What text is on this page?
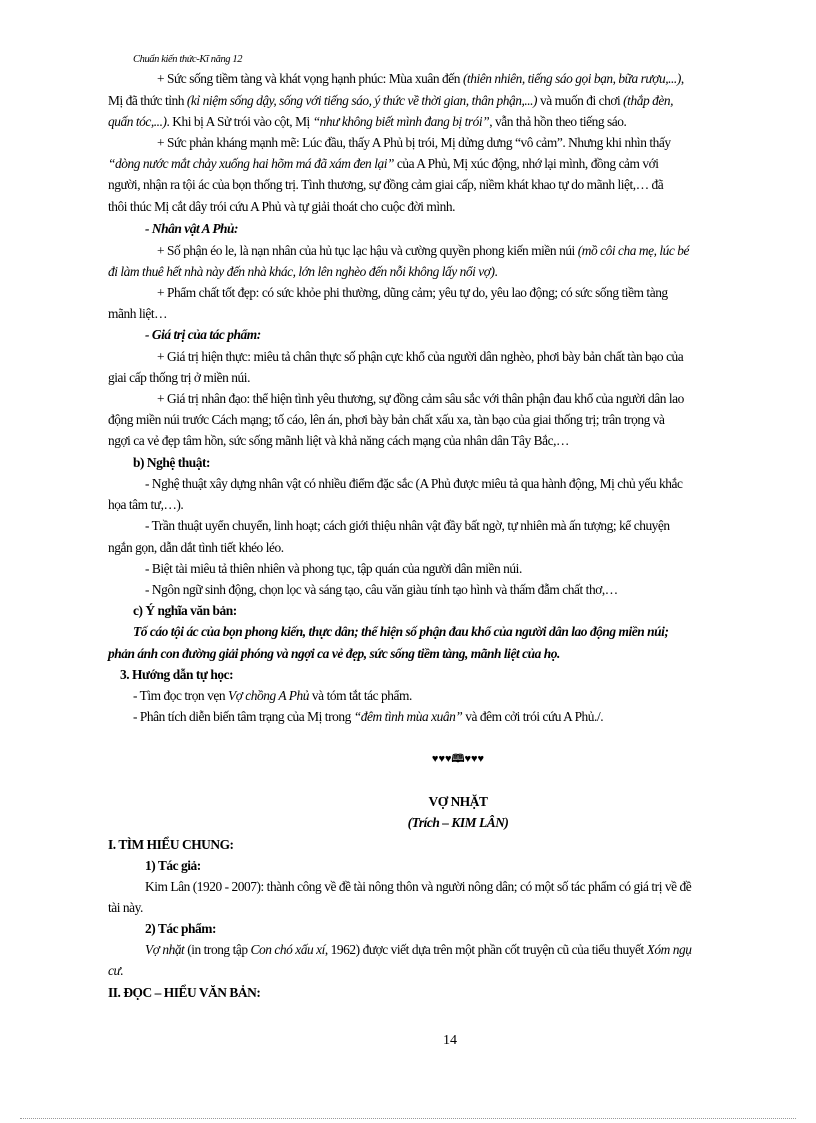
Chuẩn kiến thức-Kĩ năng 12
+ Sức sống tiềm tàng và khát vọng hạnh phúc: Mùa xuân đến (thiên nhiên, tiếng sáo gọi bạn, bữa rượu,...),
Mị đã thức tỉnh (kỉ niệm sống dậy, sống với tiếng sáo, ý thức về thời gian, thân phận,...) và muốn đi chơi (thắp đèn,
quấn tóc,...). Khi bị A Sử trói vào cột, Mị “như không biết mình đang bị trói”, vẫn thả hồn theo tiếng sáo.
+ Sức phản kháng mạnh mẽ: Lúc đầu, thấy A Phủ bị trói, Mị dửng dưng “vô cảm”. Nhưng khi nhìn thấy
“dòng nước mắt chảy xuống hai hõm má đã xám đen lại” của A Phủ, Mị xúc động, nhớ lại mình, đồng cảm với
người, nhận ra tội ác của bọn thống trị. Tình thương, sự đồng cảm giai cấp, niềm khát khao tự do mãnh liệt,… đã
thôi thúc Mị cắt dây trói cứu A Phủ và tự giải thoát cho cuộc đời mình.
- Nhân vật A Phủ:
+ Số phận éo le, là nạn nhân của hủ tục lạc hậu và cường quyền phong kiến miền núi (mồ côi cha mẹ, lúc bé
đi làm thuê hết nhà này đến nhà khác, lớn lên nghèo đến nỗi không lấy nổi vợ).
+ Phẩm chất tốt đẹp: có sức khỏe phi thường, dũng cảm; yêu tự do, yêu lao động; có sức sống tiềm tàng
mãnh liệt…
- Giá trị của tác phẩm:
+ Giá trị hiện thực: miêu tả chân thực số phận cực khổ của người dân nghèo, phơi bày bản chất tàn bạo của
giai cấp thống trị ở miền núi.
+ Giá trị nhân đạo: thể hiện tình yêu thương, sự đồng cảm sâu sắc với thân phận đau khổ của người dân lao
động miền núi trước Cách mạng; tố cáo, lên án, phơi bày bản chất xấu xa, tàn bạo của giai thống trị; trân trọng và
ngợi ca vẻ đẹp tâm hồn, sức sống mãnh liệt và khả năng cách mạng của nhân dân Tây Bắc,…
b) Nghệ thuật:
- Nghệ thuật xây dựng nhân vật có nhiều điểm đặc sắc (A Phủ được miêu tả qua hành động, Mị chủ yếu khắc
họa tâm tư,…).
- Trần thuật uyển chuyển, linh hoạt; cách giới thiệu nhân vật đầy bất ngờ, tự nhiên mà ấn tượng; kể chuyện
ngắn gọn, dẫn dắt tình tiết khéo léo.
- Biệt tài miêu tả thiên nhiên và phong tục, tập quán của người dân miền núi.
- Ngôn ngữ sinh động, chọn lọc và sáng tạo, câu văn giàu tính tạo hình và thấm đẫm chất thơ,…
c) Ý nghĩa văn bản:
Tố cáo tội ác của bọn phong kiến, thực dân; thể hiện số phận đau khổ của người dân lao động miền núi;
phản ánh con đường giải phóng và ngợi ca vẻ đẹp, sức sống tiềm tàng, mãnh liệt của họ.
3. Hướng dẫn tự học:
- Tìm đọc trọn vẹn Vợ chồng A Phủ và tóm tắt tác phẩm.
- Phân tích diễn biến tâm trạng của Mị trong “đêm tình mùa xuân” và đêm cởi trói cứu A Phủ./.
VỢ NHẶT
(Trích – KIM LÂN)
I. TÌM HIỂU CHUNG:
1) Tác giả:
Kim Lân (1920 - 2007): thành công về đề tài nông thôn và người nông dân; có một số tác phẩm có giá trị về đề
tài này.
2) Tác phẩm:
Vợ nhặt (in trong tập Con chó xấu xí, 1962) được viết dựa trên một phần cốt truyện cũ của tiểu thuyết Xóm ngụ
cư.
II. ĐỌC – HIỂU VĂN BẢN:
♥♥♥🕮♥♥♥
14
